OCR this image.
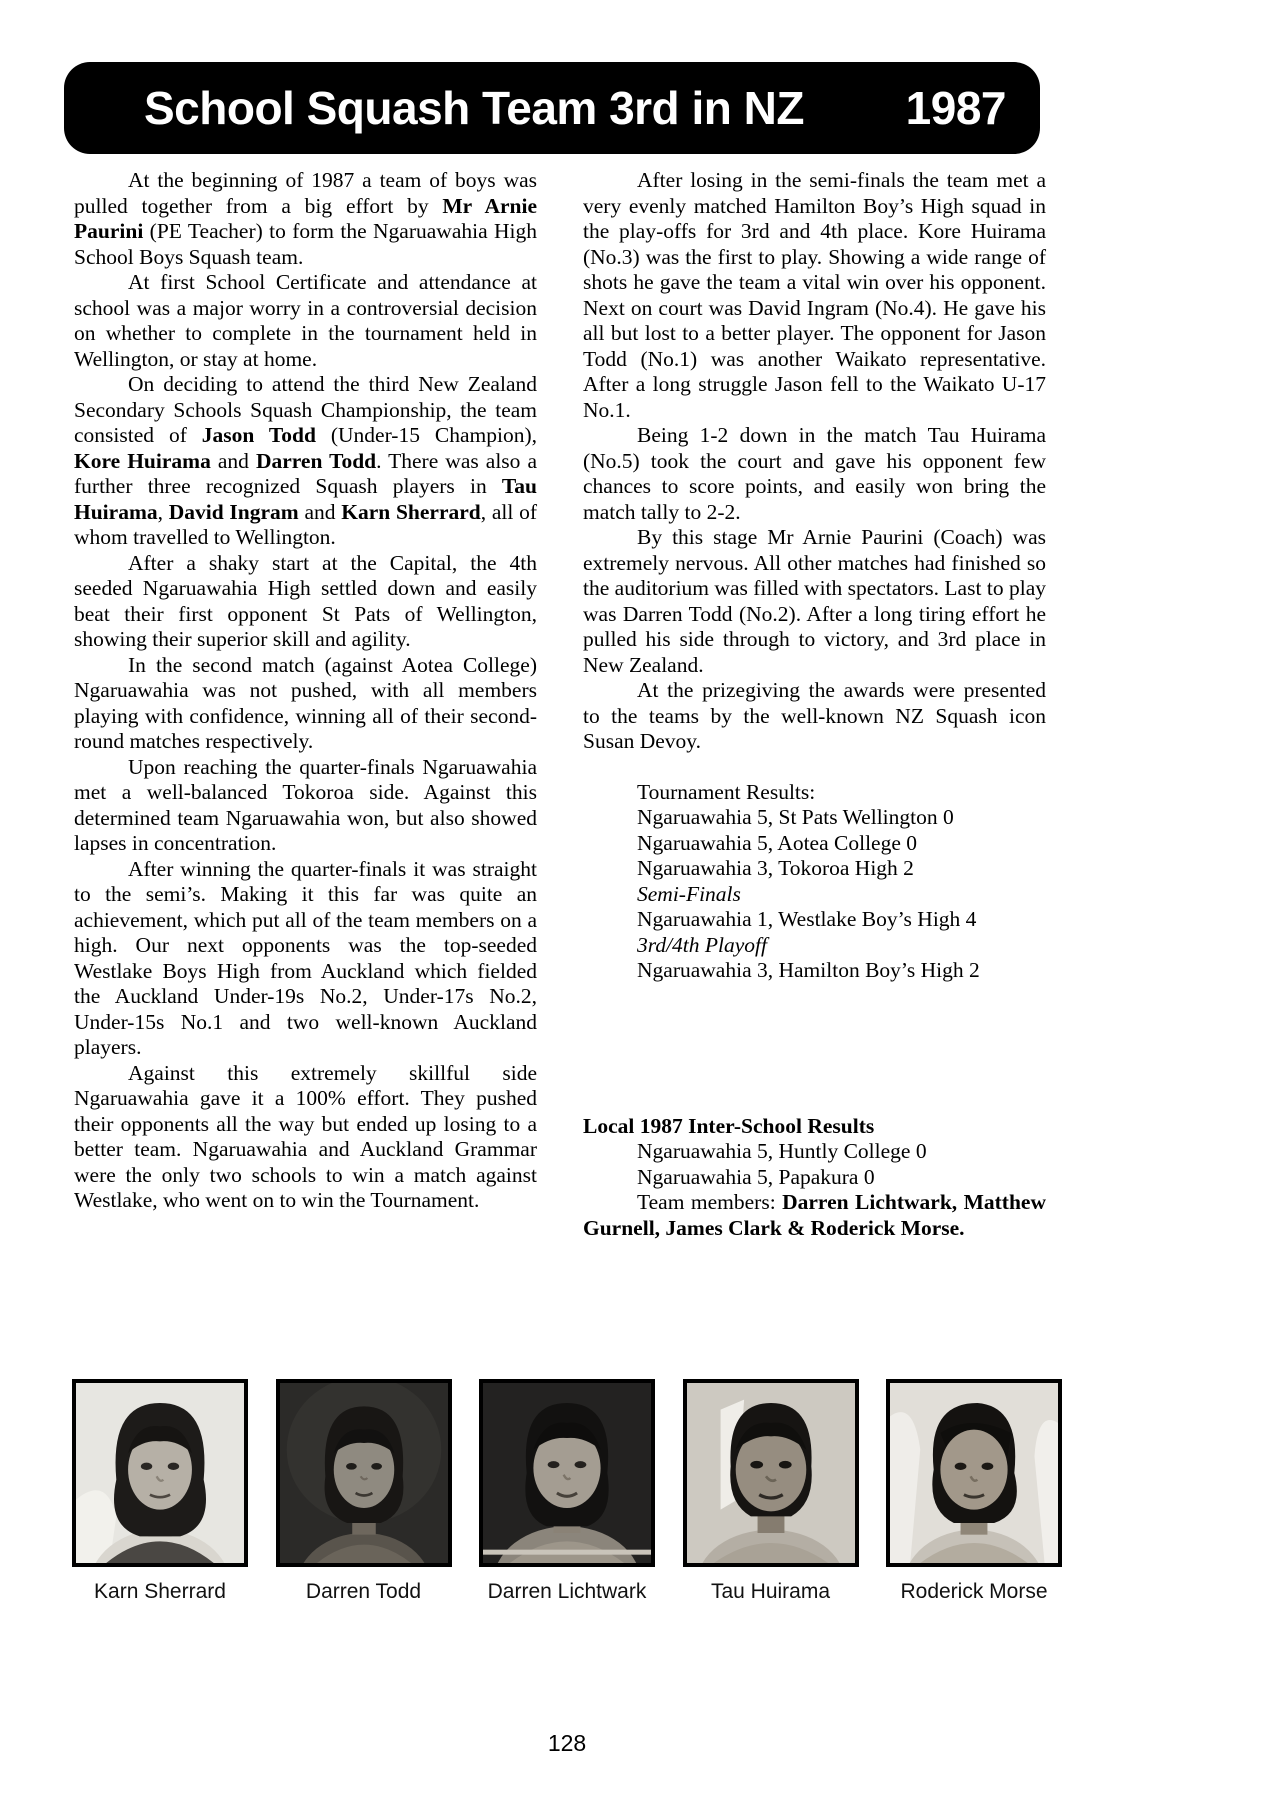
School Squash Team 3rd in NZ 1987

At the beginning of 1987 a team of boys was pulled together from a big effort by Mr Arnie Paurini (PE Teacher) to form the Ngaruawahia High School Boys Squash team.

At first School Certificate and attendance at school was a major worry in a controversial decision on whether to complete in the tournament held in Wellington, or stay at home.

On deciding to attend the third New Zealand Secondary Schools Squash Championship, the team consisted of Jason Todd (Under-15 Champion), Kore Huirama and Darren Todd. There was also a further three recognized Squash players in Tau Huirama, David Ingram and Karn Sherrard, all of whom travelled to Wellington.

After a shaky start at the Capital, the 4th seeded Ngaruawahia High settled down and easily beat their first opponent St Pats of Wellington, showing their superior skill and agility.

In the second match (against Aotea College) Ngaruawahia was not pushed, with all members playing with confidence, winning all of their second-round matches respectively.

Upon reaching the quarter-finals Ngaruawahia met a well-balanced Tokoroa side. Against this determined team Ngaruawahia won, but also showed lapses in concentration.

After winning the quarter-finals it was straight to the semi’s. Making it this far was quite an achievement, which put all of the team members on a high. Our next opponents was the top-seeded Westlake Boys High from Auckland which fielded the Auckland Under-19s No.2, Under-17s No.2, Under-15s No.1 and two well-known Auckland players.

Against this extremely skillful side Ngaruawahia gave it a 100% effort. They pushed their opponents all the way but ended up losing to a better team. Ngaruawahia and Auckland Grammar were the only two schools to win a match against Westlake, who went on to win the Tournament.

After losing in the semi-finals the team met a very evenly matched Hamilton Boy’s High squad in the play-offs for 3rd and 4th place. Kore Huirama (No.3) was the first to play. Showing a wide range of shots he gave the team a vital win over his opponent. Next on court was David Ingram (No.4). He gave his all but lost to a better player. The opponent for Jason Todd (No.1) was another Waikato representative. After a long struggle Jason fell to the Waikato U-17 No.1.

Being 1-2 down in the match Tau Huirama (No.5) took the court and gave his opponent few chances to score points, and easily won bring the match tally to 2-2.

By this stage Mr Arnie Paurini (Coach) was extremely nervous. All other matches had finished so the auditorium was filled with spectators. Last to play was Darren Todd (No.2). After a long tiring effort he pulled his side through to victory, and 3rd place in New Zealand.

At the prizegiving the awards were presented to the teams by the well-known NZ Squash icon Susan Devoy.

Tournament Results:
Ngaruawahia 5, St Pats Wellington 0
Ngaruawahia 5, Aotea College 0
Ngaruawahia 3, Tokoroa High 2
Semi-Finals
Ngaruawahia 1, Westlake Boy’s High 4
3rd/4th Playoff
Ngaruawahia 3, Hamilton Boy’s High 2

Local 1987 Inter-School Results

Ngaruawahia 5, Huntly College 0
Ngaruawahia 5, Papakura 0

Team members: Darren Lichtwark, Matthew Gurnell, James Clark & Roderick Morse.

Karn Sherrard	Darren Todd	Darren Lichtwark	Tau Huirama	Roderick Morse
128
